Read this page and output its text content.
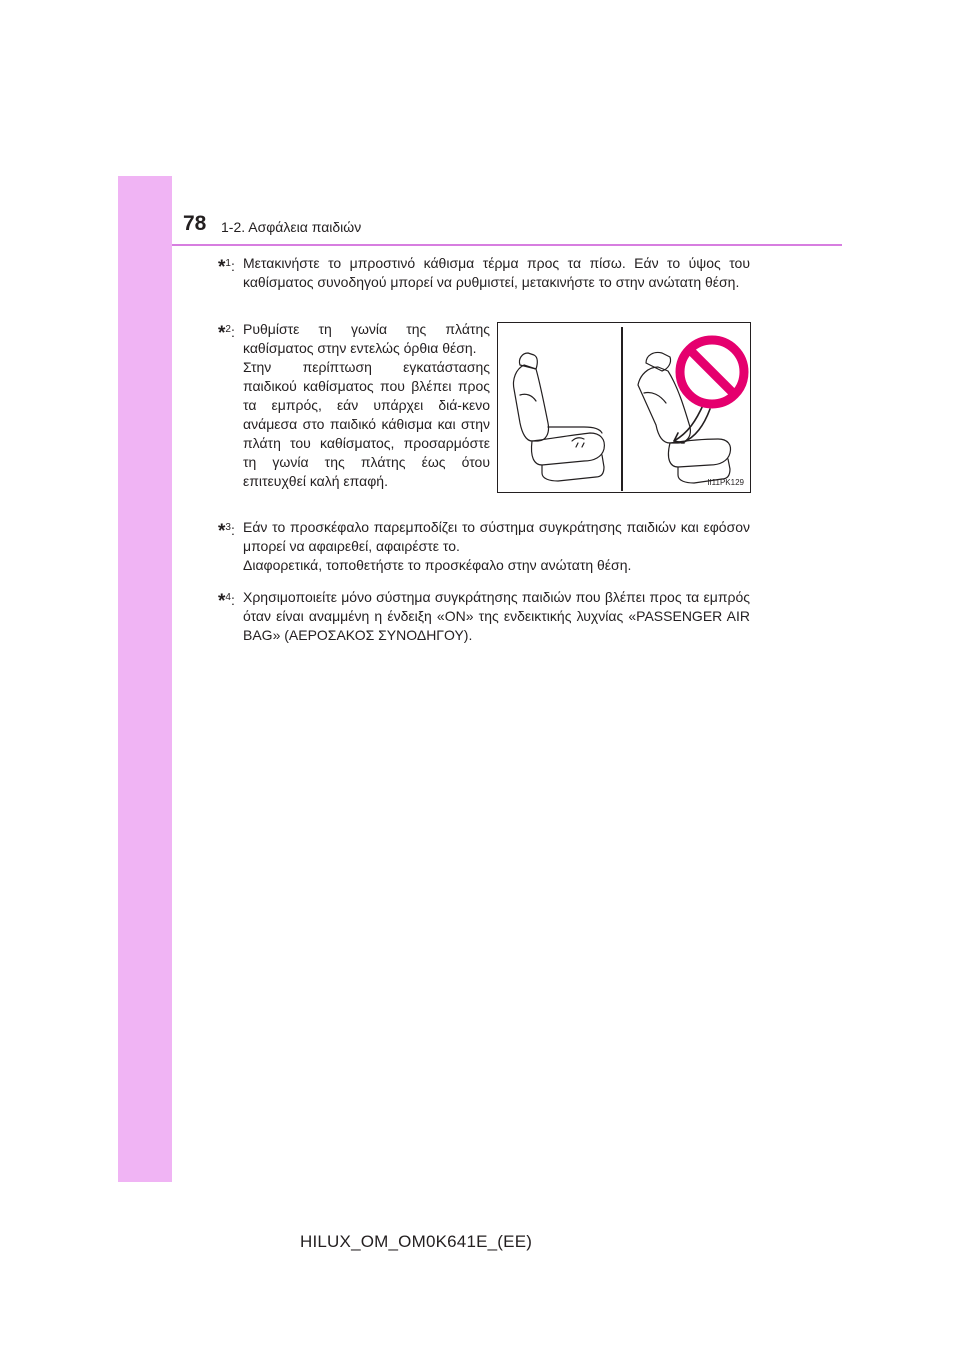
78 1-2. Ασφάλεια παιδιών
*$^1$: Μετακινήστε το μπροστινό κάθισμα τέρμα προς τα πίσω. Εάν το ύψος του καθίσματος συνοδηγού μπορεί να ρυθμιστεί, μετακινήστε το στην ανώτατη θέση.
*$^2$: Ρυθμίστε τη γωνία της πλάτης καθίσματος στην εντελώς όρθια θέση.
Στην περίπτωση εγκατάστασης παιδικού καθίσματος που βλέπει προς τα εμπρός, εάν υπάρχει διά-κενο ανάμεσα στο παιδικό κάθισμα και στην πλάτη του καθίσματος, προσαρμόστε τη γωνία της πλάτης έως ότου επιτευχθεί καλή επαφή.	II11PK129
*$^3$: Εάν το προσκέφαλο παρεμποδίζει το σύστημα συγκράτησης παιδιών και εφόσον μπορεί να αφαιρεθεί, αφαιρέστε το.
Διαφορετικά, τοποθετήστε το προσκέφαλο στην ανώτατη θέση.
*$^4$: Χρησιμοποιείτε μόνο σύστημα συγκράτησης παιδιών που βλέπει προς τα εμπρός όταν είναι αναμμένη η ένδειξη «ON» της ενδεικτικής λυχνίας «PASSENGER AIR BAG» (ΑΕΡΟΣΑΚΟΣ ΣΥΝΟΔΗΓΟΥ).
HILUX_OM_OM0K641E_(EE)
